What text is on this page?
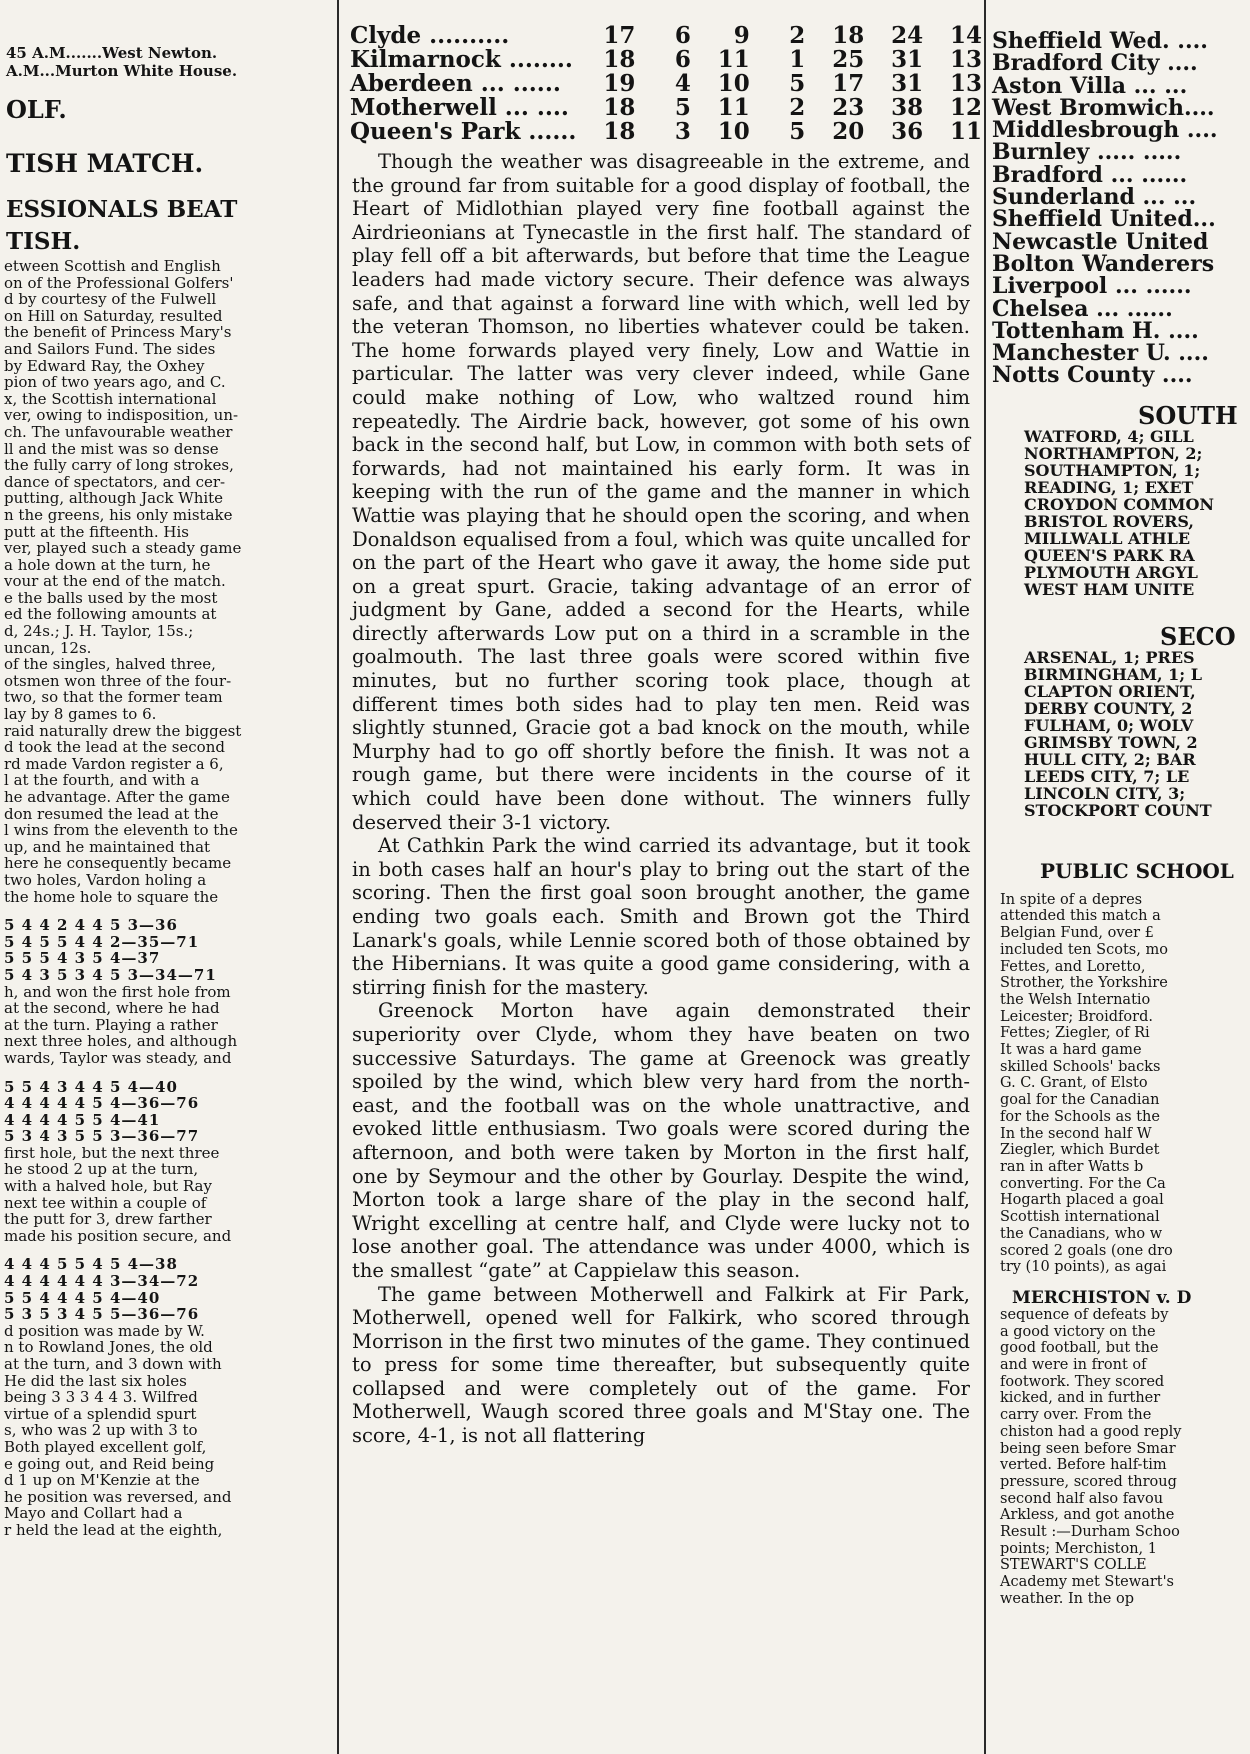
45 A.M.......West Newton.
A.M...Murton White House.
OLF.
TISH MATCH.
ESSIONALS BEAT
TISH.
etween Scottish and English
on of the Professional Golfers'
d by courtesy of the Fulwell
on Hill on Saturday, resulted
the benefit of Princess Mary's
and Sailors Fund. The sides
by Edward Ray, the Oxhey
pion of two years ago, and C.
x, the Scottish international
ver, owing to indisposition, un-
ch. The unfavourable weather
ll and the mist was so dense
the fully carry of long strokes,
dance of spectators, and cer-
putting, although Jack White
n the greens, his only mistake
putt at the fifteenth. His
ver, played such a steady game
a hole down at the turn, he
vour at the end of the match.
e the balls used by the most
ed the following amounts at
d, 24s.; J. H. Taylor, 15s.;
uncan, 12s.
of the singles, halved three,
otsmen won three of the four-
two, so that the former team
lay by 8 games to 6.
raid naturally drew the biggest
d took the lead at the second
rd made Vardon register a 6,
l at the fourth, and with a
he advantage. After the game
don resumed the lead at the
l wins from the eleventh to the
up, and he maintained that
here he consequently became
two holes, Vardon holing a
the home hole to square the
5 4 4 2 4 4 5 3—36
5 4 5 5 4 4 2—35—71
5 5 5 4 3 5 4—37
5 4 3 5 3 4 5 3—34—71
h, and won the first hole from
at the second, where he had
at the turn. Playing a rather
next three holes, and although
wards, Taylor was steady, and
5 5 4 3 4 4 5 4—40
4 4 4 4 4 5 4—36—76
4 4 4 4 5 5 4—41
5 3 4 3 5 5 3—36—77
first hole, but the next three
he stood 2 up at the turn,
with a halved hole, but Ray
next tee within a couple of
the putt for 3, drew farther
made his position secure, and
4 4 4 5 5 4 5 4—38
4 4 4 4 4 4 3—34—72
5 5 4 4 4 5 4—40
5 3 5 3 4 5 5—36—76
d position was made by W.
n to Rowland Jones, the old
at the turn, and 3 down with
He did the last six holes
being 3 3 3 4 4 3. Wilfred
virtue of a splendid spurt
s, who was 2 up with 3 to
Both played excellent golf,
e going out, and Reid being
d 1 up on M'Kenzie at the
he position was reversed, and
Mayo and Collart had a
r held the lead at the eighth,
Clyde ..........	17	6	9	2	18	24	14
Kilmarnock ........	18	6	11	1	25	31	13
Aberdeen ... ......	19	4	10	5	17	31	13
Motherwell ... ....	18	5	11	2	23	38	12
Queen's Park ......	18	3	10	5	20	36	11

Though the weather was disagreeable in the extreme, and the ground far from suitable for a good display of football, the Heart of Midlothian played very fine football against the Airdrieonians at Tynecastle in the first half. The standard of play fell off a bit afterwards, but before that time the League leaders had made victory secure. Their defence was always safe, and that against a forward line with which, well led by the veteran Thomson, no liberties whatever could be taken. The home forwards played very finely, Low and Wattie in particular. The latter was very clever indeed, while Gane could make nothing of Low, who waltzed round him repeatedly. The Airdrie back, however, got some of his own back in the second half, but Low, in common with both sets of forwards, had not maintained his early form. It was in keeping with the run of the game and the manner in which Wattie was playing that he should open the scoring, and when Donaldson equalised from a foul, which was quite uncalled for on the part of the Heart who gave it away, the home side put on a great spurt. Gracie, taking advantage of an error of judgment by Gane, added a second for the Hearts, while directly afterwards Low put on a third in a scramble in the goalmouth. The last three goals were scored within five minutes, but no further scoring took place, though at different times both sides had to play ten men. Reid was slightly stunned, Gracie got a bad knock on the mouth, while Murphy had to go off shortly before the finish. It was not a rough game, but there were incidents in the course of it which could have been done without. The winners fully deserved their 3-1 victory.

At Cathkin Park the wind carried its advantage, but it took in both cases half an hour's play to bring out the start of the scoring. Then the first goal soon brought another, the game ending two goals each. Smith and Brown got the Third Lanark's goals, while Lennie scored both of those obtained by the Hibernians. It was quite a good game considering, with a stirring finish for the mastery.

Greenock Morton have again demonstrated their superiority over Clyde, whom they have beaten on two successive Saturdays. The game at Greenock was greatly spoiled by the wind, which blew very hard from the north-east, and the football was on the whole unattractive, and evoked little enthusiasm. Two goals were scored during the afternoon, and both were taken by Morton in the first half, one by Seymour and the other by Gourlay. Despite the wind, Morton took a large share of the play in the second half, Wright excelling at centre half, and Clyde were lucky not to lose another goal. The attendance was under 4000, which is the smallest “gate” at Cappielaw this season.

The game between Motherwell and Falkirk at Fir Park, Motherwell, opened well for Falkirk, who scored through Morrison in the first two minutes of the game. They continued to press for some time thereafter, but subsequently quite collapsed and were completely out of the game. For Motherwell, Waugh scored three goals and M'Stay one. The score, 4-1, is not all flattering

Sheffield Wed. ....
Bradford City ....
Aston Villa ... ...
West Bromwich....
Middlesbrough ....
Burnley ..... .....
Bradford ... ......
Sunderland ... ...
Sheffield United...
Newcastle United
Bolton Wanderers
Liverpool ... ......
Chelsea ... ......
Tottenham H. ....
Manchester U. ....
Notts County ....
SOUTH
WATFORD, 4; GILL
NORTHAMPTON, 2;
SOUTHAMPTON, 1;
READING, 1; EXET
CROYDON COMMON
BRISTOL ROVERS,
MILLWALL ATHLE
QUEEN'S PARK RA
PLYMOUTH ARGYL
WEST HAM UNITE
SECO
ARSENAL, 1; PRES
BIRMINGHAM, 1; L
CLAPTON ORIENT,
DERBY COUNTY, 2
FULHAM, 0; WOLV
GRIMSBY TOWN, 2
HULL CITY, 2; BAR
LEEDS CITY, 7; LE
LINCOLN CITY, 3;
STOCKPORT COUNT
PUBLIC SCHOOL
In spite of a depres
attended this match a
Belgian Fund, over £
included ten Scots, mo
Fettes, and Loretto,
Strother, the Yorkshire
the Welsh Internatio
Leicester; Broidford.
Fettes; Ziegler, of Ri
It was a hard game
skilled Schools' backs
G. C. Grant, of Elsto
goal for the Canadian
for the Schools as the
In the second half W
Ziegler, which Burdet
ran in after Watts b
converting. For the Ca
Hogarth placed a goal
Scottish international
the Canadians, who w
scored 2 goals (one dro
try (10 points), as agai
MERCHISTON v. D
sequence of defeats by
a good victory on the
good football, but the
and were in front of
footwork. They scored
kicked, and in further
carry over. From the
chiston had a good reply
being seen before Smar
verted. Before half-tim
pressure, scored throug
second half also favou
Arkless, and got anothe
Result :—Durham Schoo
points; Merchiston, 1
STEWART'S COLLE
Academy met Stewart's
weather. In the op
